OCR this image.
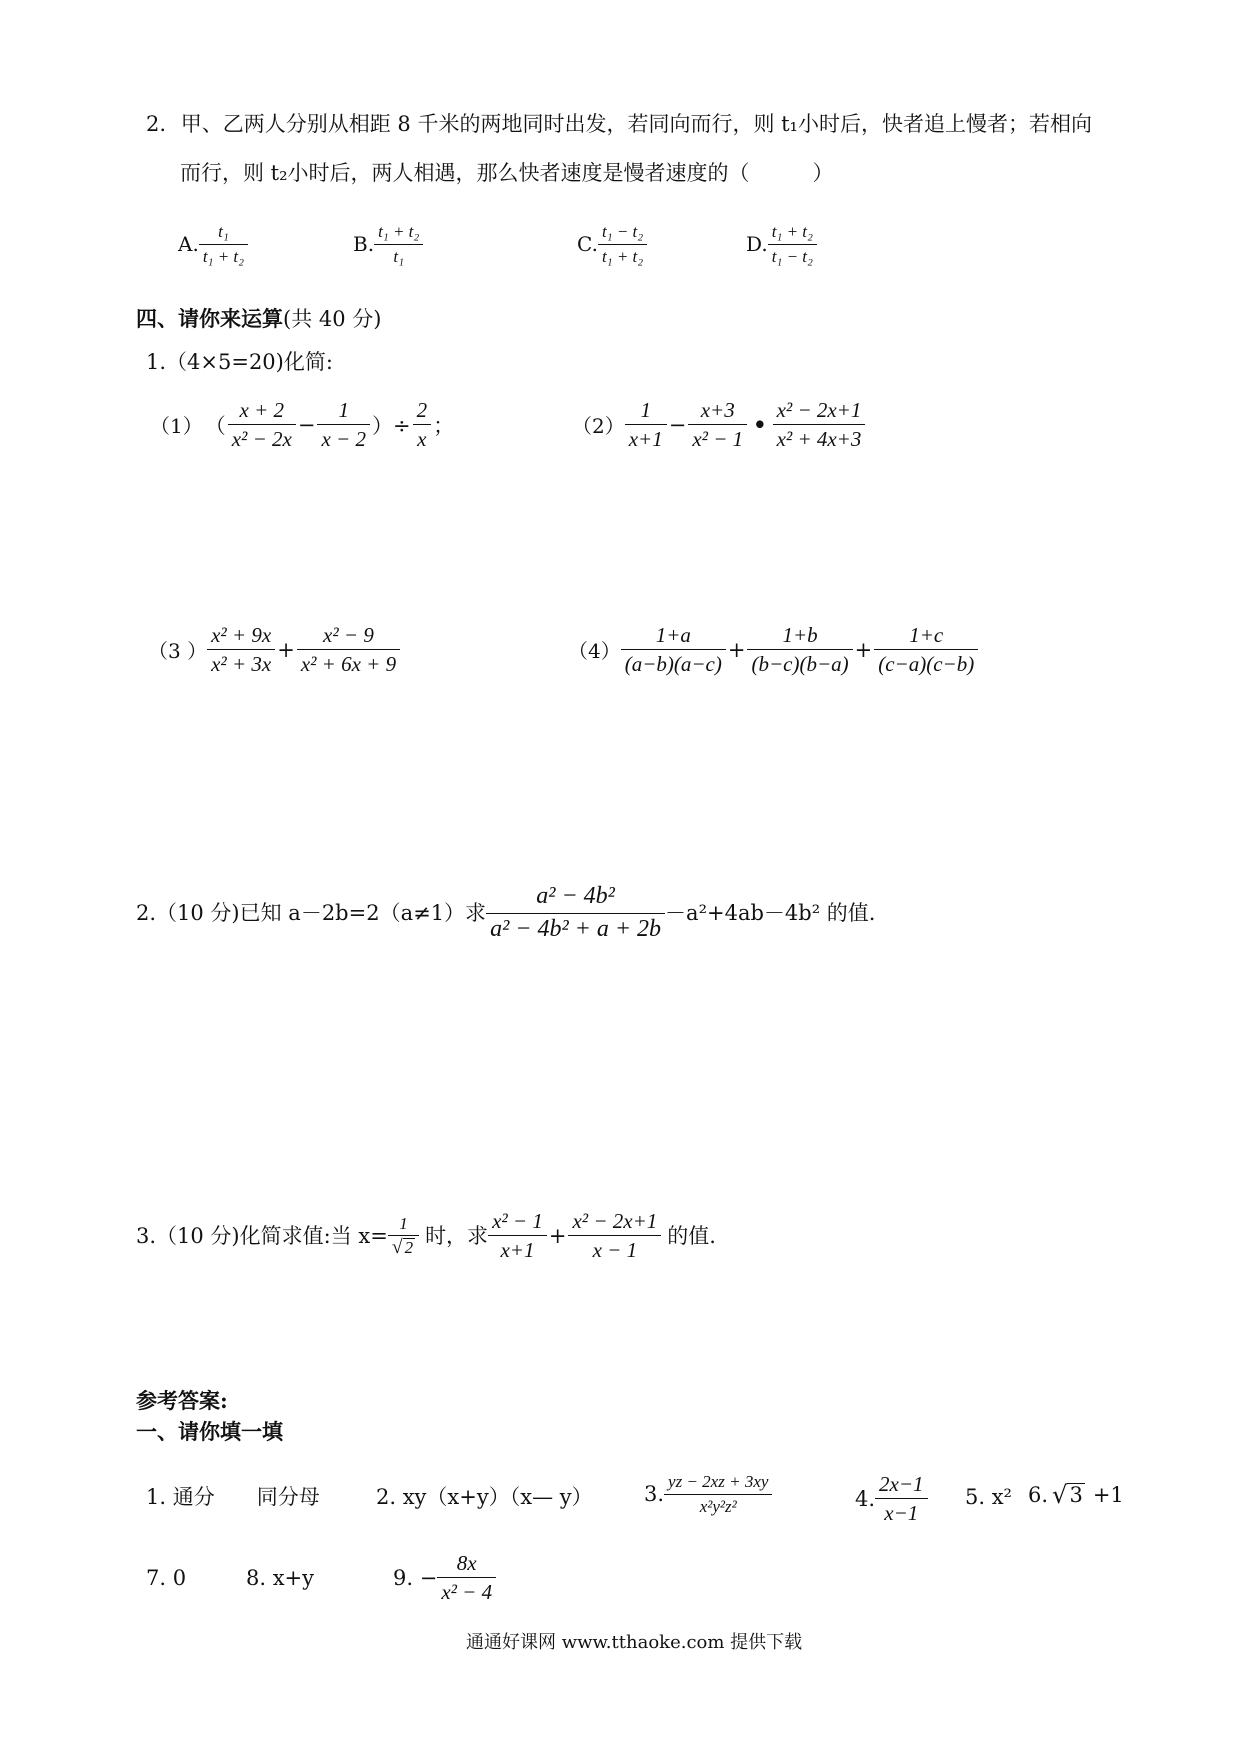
2. 甲、乙两人分别从相距 8 千米的两地同时出发，若同向而行，则 t₁小时后，快者追上慢者；若相向
而行，则 t₂小时后，两人相遇，那么快者速度是慢者速度的（　　　）
A. $\frac{\text{t₁}}{\text{t₁ + t₂}}$	B. $\frac{\text{t₁ + t₂}}{\text{t₁}}$	C. $\frac{\text{t₁ − t₂}}{\text{t₁ + t₂}}$	D. $\frac{\text{t₁ + t₂}}{\text{t₁ − t₂}}$
四、请你来运算(共 40 分)
1.（4×5=20)化简:
（1） （ $\frac{x + 2}{\text{x² − 2x}} - \frac{1}{x - 2}$ ）÷ $\frac{2}{x}$ ；	$(2) \frac{1}{x+1} - \frac{x+3}{\text{x² − 1}}$ • $\frac{\text{x² − 2x+1}}{\text{x² + 4x+3}}$
（3 ） $\frac{\text{x² + 9x}}{\text{x² + 3x}} + \frac{\text{x² − 9}}{\text{x² + 6x + 9}}$	$(4) \frac{1+a}{(a-b)(a-c)} + \frac{1+b}{(b-c)(b-a)} + \frac{1+c}{(c-a)(c-b)}$
2.（10 分)已知 a－2b=2（a≠1）求 $\frac{\text{a² − 4b²}}{\text{a² − 4b² + a + 2b}} -a^2+4ab-4b^2$ 的值.
3.（10 分)化简求值:当 $x= \frac{1}{√ 2}$ 时，求 $\frac{\text{x² − 1}}{x+1} + \frac{\text{x² − 2x+1}}{x - 1}$ 的值.
参考答案:
一、请你填一填
1. 通分　　同分母	2. xy（x+y）（x— y） 3. $\frac{yz - 2xz + 3xy}{\text{x²y²z²}}$	4. $\frac{2x-1}{x-1} 5$. x² 6. √ 3 +1
7. 0	8. x+y	9. − $\frac{8x}{\text{x² − 4}}$
通通好课网 www.tthaoke.com 提供下载
